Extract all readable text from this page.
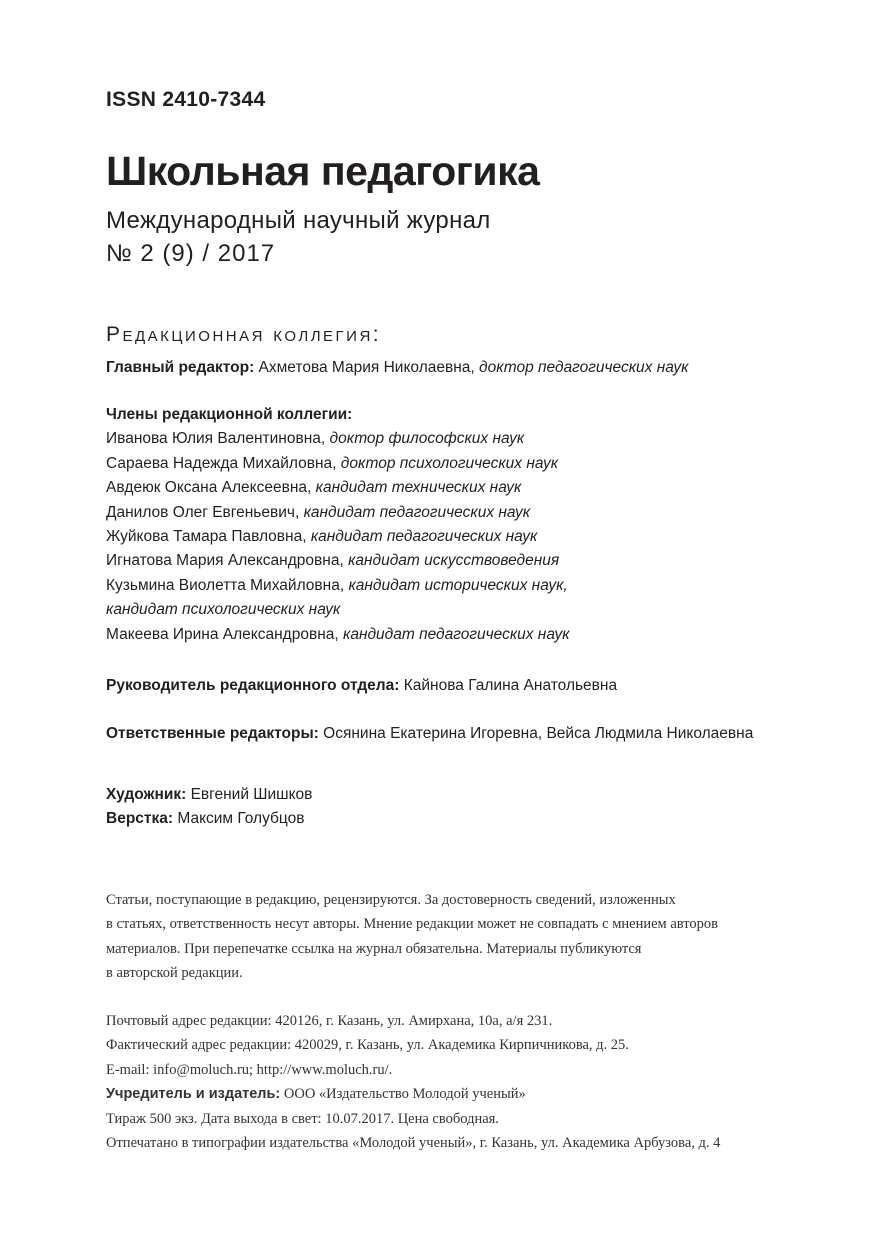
ISSN 2410-7344
Школьная педагогика
Международный научный журнал
№ 2 (9) / 2017
Редакционная коллегия:
Главный редактор: Ахметова Мария Николаевна, доктор педагогических наук
Члены редакционной коллегии:
Иванова Юлия Валентиновна, доктор философских наук
Сараева Надежда Михайловна, доктор психологических наук
Авдеюк Оксана Алексеевна, кандидат технических наук
Данилов Олег Евгеньевич, кандидат педагогических наук
Жуйкова Тамара Павловна, кандидат педагогических наук
Игнатова Мария Александровна, кандидат искусствоведения
Кузьмина Виолетта Михайловна, кандидат исторических наук,
кандидат психологических наук
Макеева Ирина Александровна, кандидат педагогических наук
Руководитель редакционного отдела: Кайнова Галина Анатольевна
Ответственные редакторы: Осянина Екатерина Игоревна, Вейса Людмила Николаевна
Художник: Евгений Шишков
Верстка: Максим Голубцов
Статьи, поступающие в редакцию, рецензируются. За достоверность сведений, изложенных
в статьях, ответственность несут авторы. Мнение редакции может не совпадать с мнением авторов
материалов. При перепечатке ссылка на журнал обязательна. Материалы публикуются
в авторской редакции.
Почтовый адрес редакции: 420126, г. Казань, ул. Амирхана, 10а, а/я 231.
Фактический адрес редакции: 420029, г. Казань, ул. Академика Кирпичникова, д. 25.
E-mail: info@moluch.ru; http://www.moluch.ru/.
Учредитель и издатель: ООО «Издательство Молодой ученый»
Тираж 500 экз. Дата выхода в свет: 10.07.2017. Цена свободная.
Отпечатано в типографии издательства «Молодой ученый», г. Казань, ул. Академика Арбузова, д. 4
